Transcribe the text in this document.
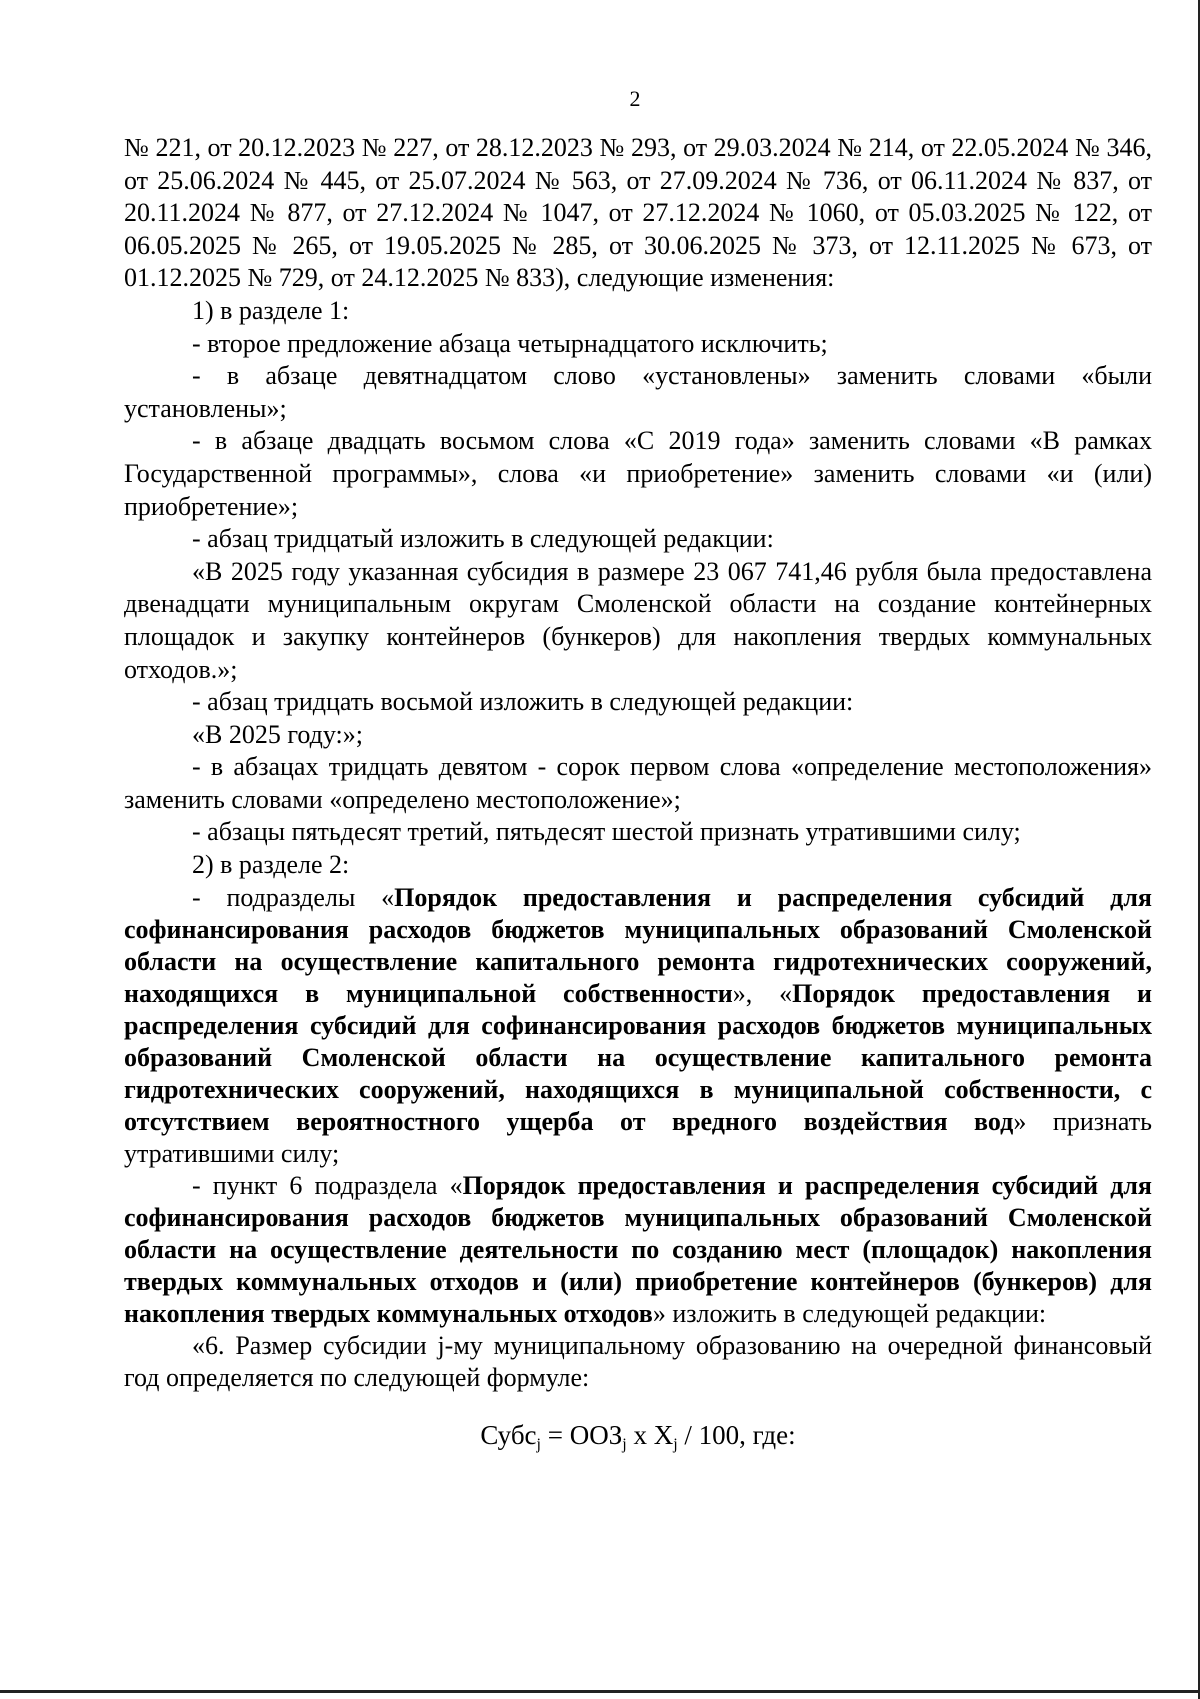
2

№ 221, от 20.12.2023 № 227, от 28.12.2023 № 293, от 29.03.2024 № 214, от 22.05.2024 № 346, от 25.06.2024 № 445, от 25.07.2024 № 563, от 27.09.2024 № 736, от 06.11.2024 № 837, от 20.11.2024 № 877, от 27.12.2024 № 1047, от 27.12.2024 № 1060, от 05.03.2025 № 122, от 06.05.2025 № 265, от 19.05.2025 № 285, от 30.06.2025 № 373, от 12.11.2025 № 673, от 01.12.2025 № 729, от 24.12.2025 № 833), следующие изменения:

1) в разделе 1:

- второе предложение абзаца четырнадцатого исключить;

- в абзаце девятнадцатом слово «установлены» заменить словами «были установлены»;

- в абзаце двадцать восьмом слова «С 2019 года» заменить словами «В рамках Государственной программы», слова «и приобретение» заменить словами «и (или) приобретение»;

- абзац тридцатый изложить в следующей редакции:

«В 2025 году указанная субсидия в размере 23 067 741,46 рубля была предоставлена двенадцати муниципальным округам Смоленской области на создание контейнерных площадок и закупку контейнеров (бункеров) для накопления твердых коммунальных отходов.»;

- абзац тридцать восьмой изложить в следующей редакции:

«В 2025 году:»;

- в абзацах тридцать девятом - сорок первом слова «определение местоположения» заменить словами «определено местоположение»;

- абзацы пятьдесят третий, пятьдесят шестой признать утратившими силу;

2) в разделе 2:

- подразделы «Порядок предоставления и распределения субсидий для софинансирования расходов бюджетов муниципальных образований Смоленской области на осуществление капитального ремонта гидротехнических сооружений, находящихся в муниципальной собственности», «Порядок предоставления и распределения субсидий для софинансирования расходов бюджетов муниципальных образований Смоленской области на осуществление капитального ремонта гидротехнических сооружений, находящихся в муниципальной собственности, с отсутствием вероятностного ущерба от вредного воздействия вод» признать утратившими силу;

- пункт 6 подраздела «Порядок предоставления и распределения субсидий для софинансирования расходов бюджетов муниципальных образований Смоленской области на осуществление деятельности по созданию мест (площадок) накопления твердых коммунальных отходов и (или) приобретение контейнеров (бункеров) для накопления твердых коммунальных отходов» изложить в следующей редакции:

«6. Размер субсидии j-му муниципальному образованию на очередной финансовый год определяется по следующей формуле:

Субс$_j$ = $ООЗ_j$ х $Х_j / 100$, где:
